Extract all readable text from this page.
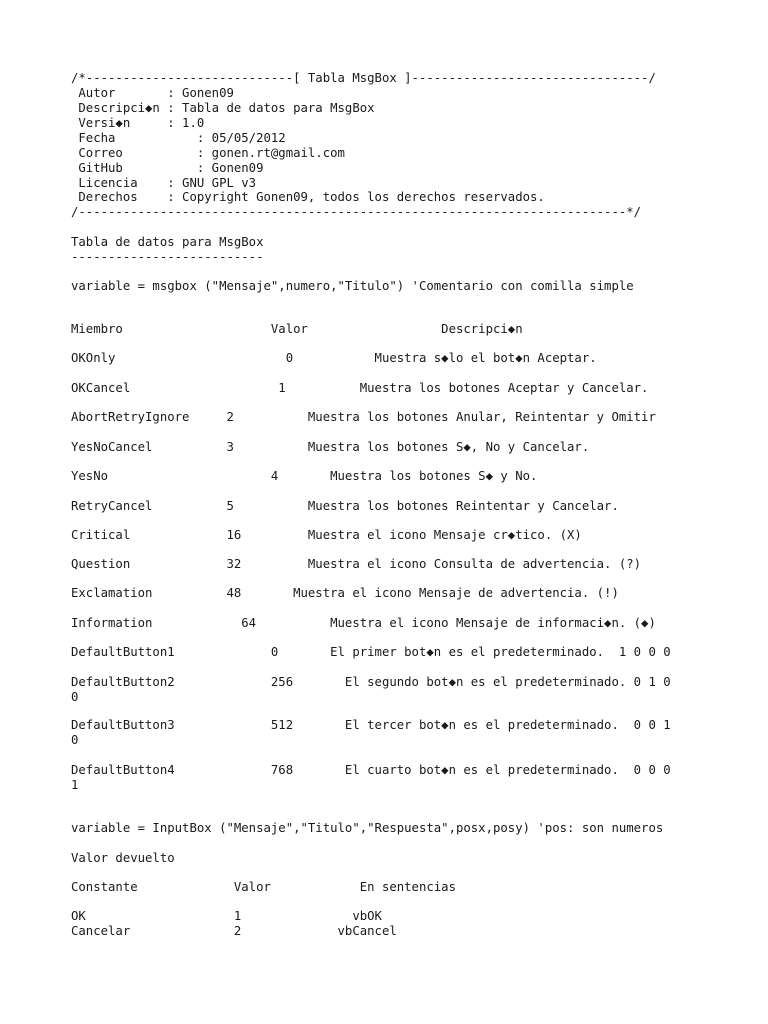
/*----------------------------[ Tabla MsgBox ]--------------------------------/
Autor       : Gonen09
Descripci◆n : Tabla de datos para MsgBox
Versi◆n     : 1.0
Fecha           : 05/05/2012
Correo          : gonen.rt@gmail.com
GitHub          : Gonen09
Licencia    : GNU GPL v3
Derechos    : Copyright Gonen09, todos los derechos reservados.
/--------------------------------------------------------------------------*/
Tabla de datos para MsgBox
--------------------------
variable = msgbox ("Mensaje",numero,"Titulo") 'Comentario con comilla simple
Miembro                    Valor                  Descripci◆n
OKOnly                       0           Muestra s◆lo el bot◆n Aceptar.
OKCancel                    1          Muestra los botones Aceptar y Cancelar.
AbortRetryIgnore     2          Muestra los botones Anular, Reintentar y Omitir
YesNoCancel          3          Muestra los botones S◆, No y Cancelar.
YesNo                      4       Muestra los botones S◆ y No.
RetryCancel          5          Muestra los botones Reintentar y Cancelar.
Critical             16         Muestra el icono Mensaje cr◆tico. (X)
Question             32         Muestra el icono Consulta de advertencia. (?)
Exclamation          48       Muestra el icono Mensaje de advertencia. (!)
Information            64          Muestra el icono Mensaje de informaci◆n. (◆)
DefaultButton1             0       El primer bot◆n es el predeterminado.  1 0 0 0
DefaultButton2             256       El segundo bot◆n es el predeterminado. 0 1 0
0
DefaultButton3             512       El tercer bot◆n es el predeterminado.  0 0 1
0
DefaultButton4             768       El cuarto bot◆n es el predeterminado.  0 0 0
1
variable = InputBox ("Mensaje","Titulo","Respuesta",posx,posy) 'pos: son numeros
Valor devuelto
Constante             Valor            En sentencias
OK                    1               vbOK
Cancelar              2             vbCancel
